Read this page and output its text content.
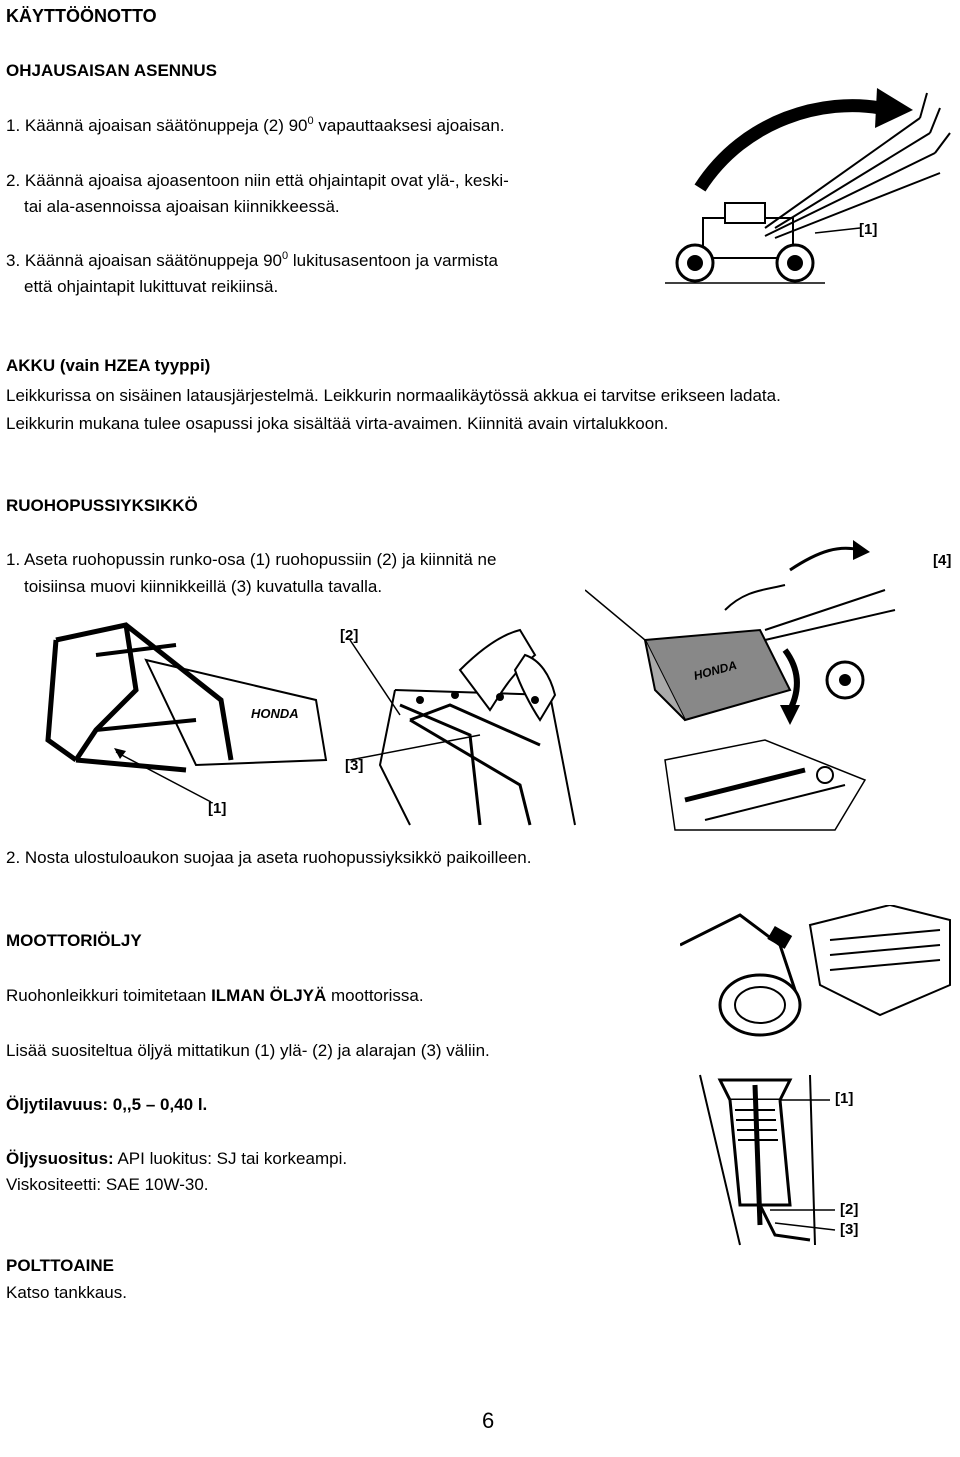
KÄYTTÖÖNOTTO
OHJAUSAISAN ASENNUS
1. Käännä ajoaisan säätönuppeja (2) $90^0$ vapauttaaksesi ajoaisan.
2. Käännä ajoaisa ajoasentoon niin että ohjaintapit ovat ylä-, keski-
tai ala-asennoissa ajoaisan kiinnikkeessä.
3. Käännä ajoaisan säätönuppeja $90^0$ lukitusasentoon ja varmista
että ohjaintapit lukittuvat reikiinsä.
[1]
AKKU (vain HZEA tyyppi)
Leikkurissa on sisäinen latausjärjestelmä. Leikkurin normaalikäytössä akkua ei tarvitse erikseen ladata.
Leikkurin mukana tulee osapussi joka sisältää virta-avaimen. Kiinnitä avain virtalukkoon.
RUOHOPUSSIYKSIKKÖ
1. Aseta ruohopussin runko-osa (1) ruohopussiin (2) ja kiinnitä ne
toisiinsa muovi kiinnikkeillä (3) kuvatulla tavalla.
HONDA
[1]
[2]
[3]
HONDA
[4]
2. Nosta ulostuloaukon suojaa ja aseta ruohopussiyksikkö paikoilleen.
MOOTTORIÖLJY
Ruohonleikkuri toimitetaan ILMAN ÖLJYÄ moottorissa.
Lisää suositeltua öljyä mittatikun (1) ylä- (2) ja alarajan (3) väliin.
Öljytilavuus: 0,,5 – 0,40 l.
Öljysuositus: API luokitus: SJ tai korkeampi.
Viskositeetti: SAE 10W-30.
[1]
[2]
[3]
POLTTOAINE
Katso tankkaus.
6
